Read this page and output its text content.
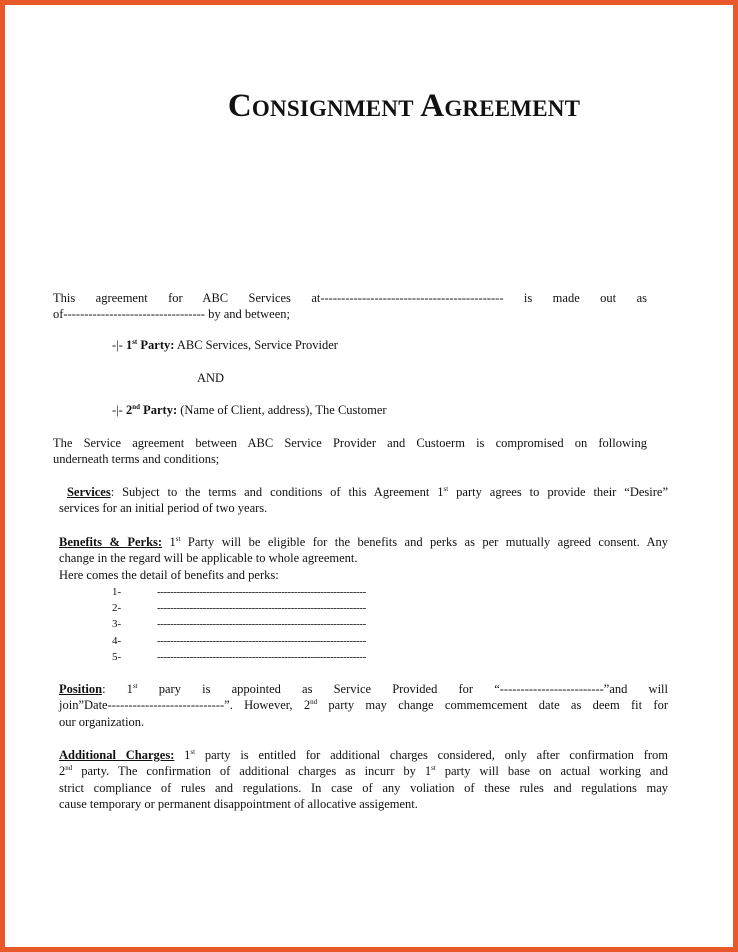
Consignment Agreement
This agreement for ABC Services at-------------------------------------------- is made out as
of---------------------------------- by and between;
-|- 1st Party: ABC Services, Service Provider
AND
-|- 2nd Party: (Name of Client, address), The Customer
The Service agreement between ABC Service Provider and Custoerm is compromised on following
underneath terms and conditions;
Services: Subject to the terms and conditions of this Agreement 1st party agrees to provide their “Desire”
services for an initial period of two years.
Benefits & Perks: 1st Party will be eligible for the benefits and perks as per mutually agreed consent. Any
change in the regard will be applicable to whole agreement.
Here comes the detail of benefits and perks:
1-	----------------------------------------------------------------
2-	----------------------------------------------------------------
3-	----------------------------------------------------------------
4-	----------------------------------------------------------------
5-	----------------------------------------------------------------
Position: 1st pary is appointed as Service Provided for “-------------------------”and will
join”Date----------------------------”. However, 2nd party may change commemcement date as deem fit for
our organization.
Additional Charges: 1st party is entitled for additional charges considered, only after confirmation from
2nd party. The confirmation of additional charges as incurr by 1st party will base on actual working and
strict compliance of rules and regulations. In case of any voliation of these rules and regulations may
cause temporary or permanent disappointment of allocative assigement.
